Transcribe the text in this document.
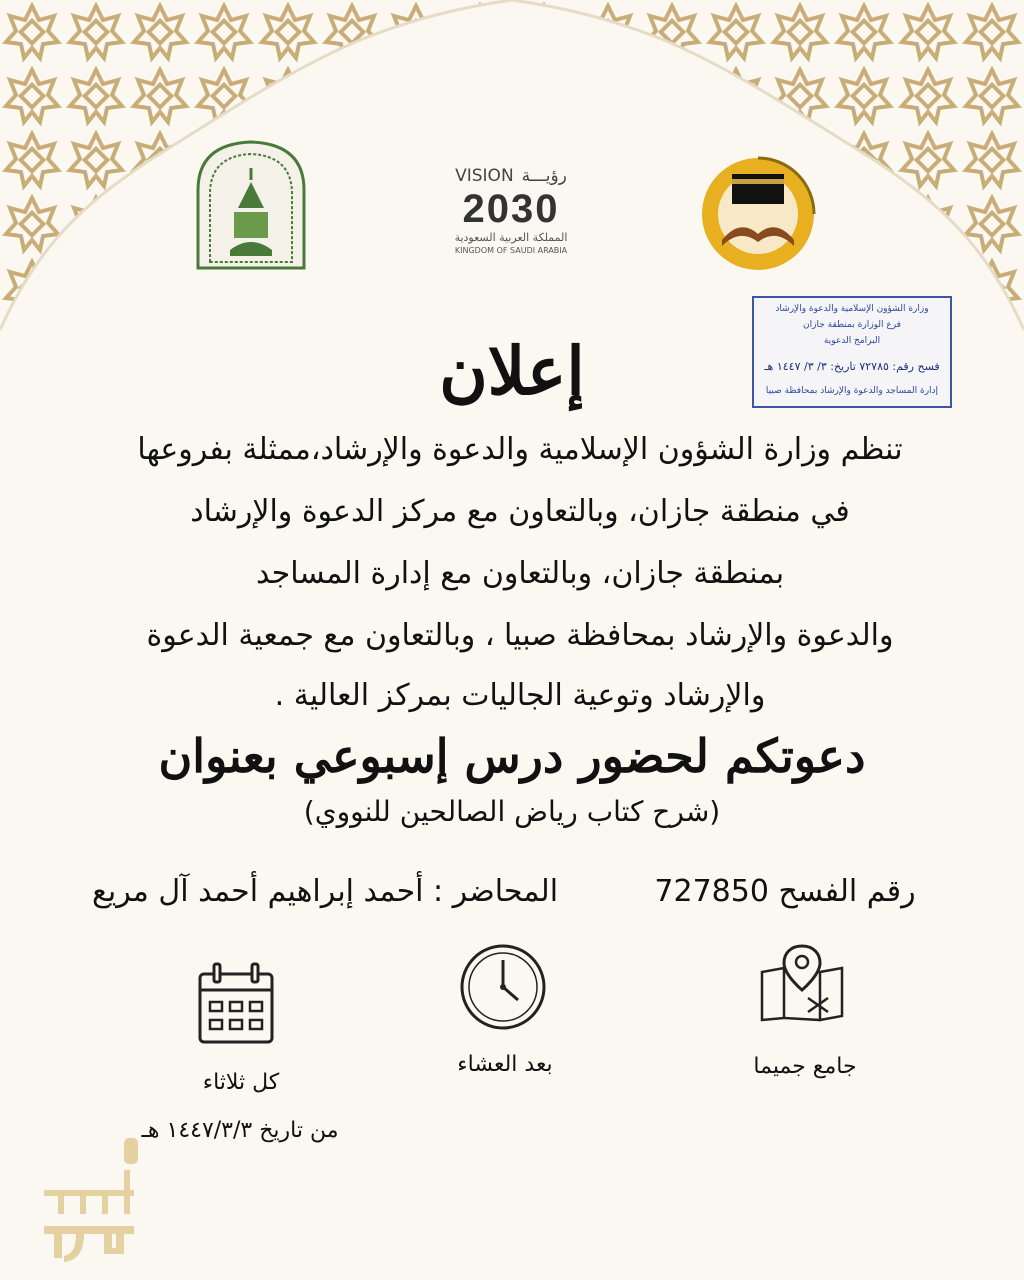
VISION رؤيـــة
2030
المملكة العربية السعودية
KINGDOM OF SAUDI ARABIA
وزارة الشؤون الإسلامية والدعوة والإرشاد
فرع الوزارة بمنطقة جازان
البرامج الدعوية
فسح رقم: ٧٢٧٨٥ تاريخ: ٣/ ٣/ ١٤٤٧ هـ
إدارة المساجد والدعوة والإرشاد بمحافظة صبيا
إعلان
تنظم وزارة الشؤون الإسلامية والدعوة والإرشاد،ممثلة بفروعها
في منطقة جازان، وبالتعاون مع مركز الدعوة والإرشاد
بمنطقة جازان، وبالتعاون مع إدارة المساجد
والدعوة والإرشاد بمحافظة صبيا ، وبالتعاون مع جمعية الدعوة
والإرشاد وتوعية الجاليات بمركز العالية .
دعوتكم لحضور درس إسبوعي بعنوان
(شرح كتاب رياض الصالحين للنووي)
رقم الفسح 727850
المحاضر : أحمد إبراهيم أحمد آل مريع
كل ثلاثاء
بعد العشاء	جامع جميما
من تاريخ ١٤٤٧/٣/٣ هـ
